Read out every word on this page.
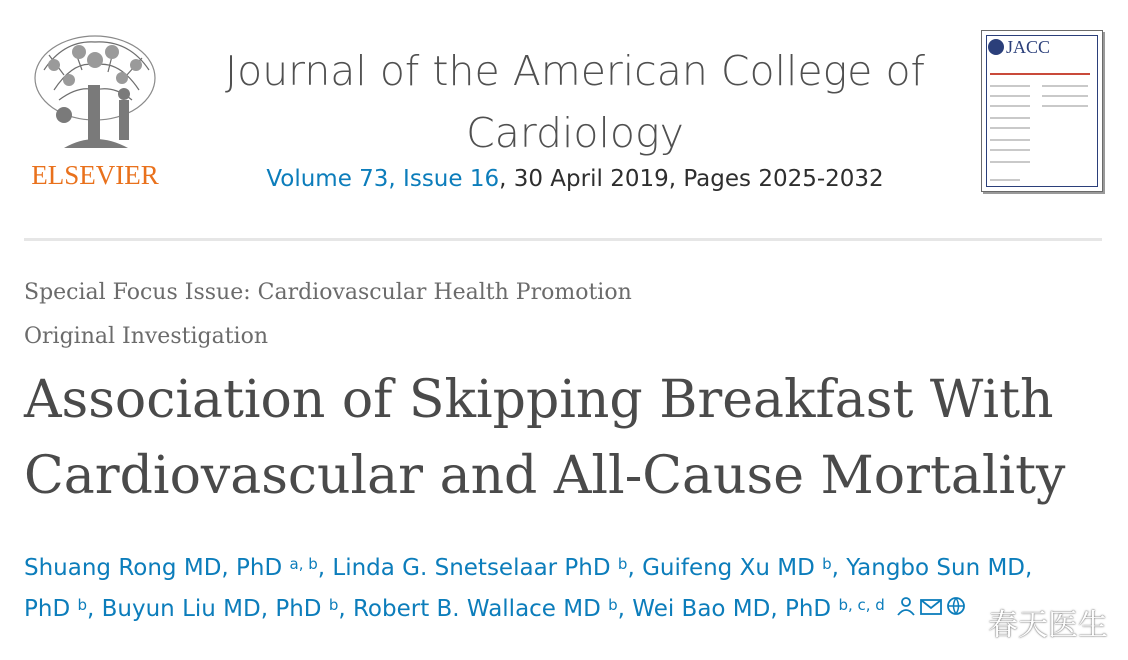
ELSEVIER
Journal of the American College of Cardiology
Volume 73, Issue 16, 30 April 2019, Pages 2025-2032
JACC
Special Focus Issue: Cardiovascular Health Promotion
Original Investigation
Association of Skipping Breakfast With Cardiovascular and All-Cause Mortality
Shuang Rong MD, PhD $^{a, b}$, Linda G. Snetselaar PhD $^b$, Guifeng Xu MD $^b$, Yangbo Sun MD, PhD $^b$, Buyun Liu MD, PhD $^b$, Robert B. Wallace MD $^b$, Wei Bao MD, PhD $^{b, c, d}$
春天医生
